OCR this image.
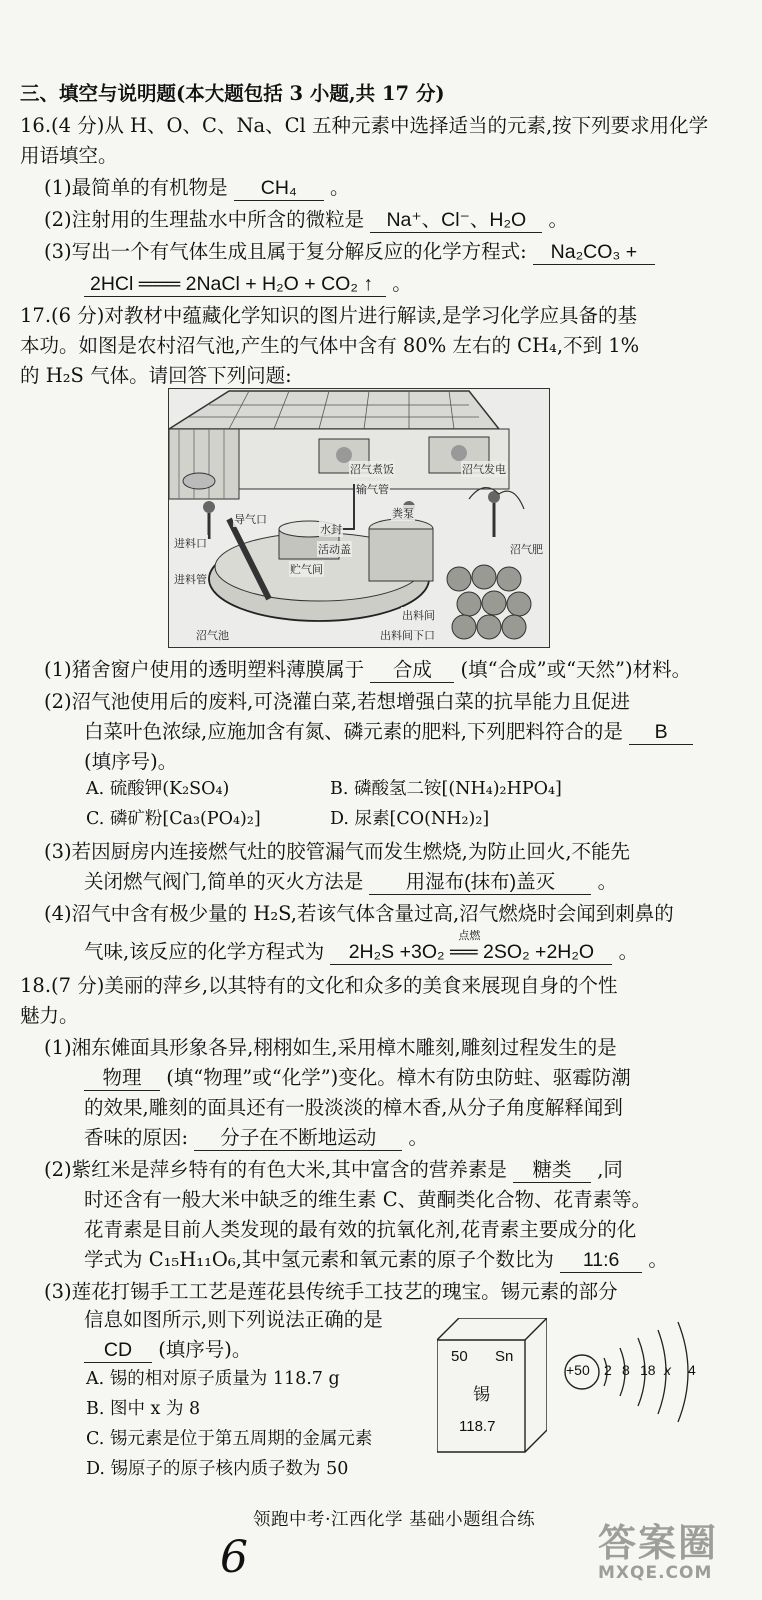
三、填空与说明题(本大题包括 3 小题,共 17 分)
16.(4 分)从 H、O、C、Na、Cl 五种元素中选择适当的元素,按下列要求用化学
用语填空。
(1)最简单的有机物是 CH₄ 。
(2)注射用的生理盐水中所含的微粒是 Na⁺、Cl⁻、H₂O 。
(3)写出一个有气体生成且属于复分解反应的化学方程式: Na₂CO₃ +
2HCl ═══ 2NaCl + H₂O + CO₂ ↑ 。
17.(6 分)对教材中蕴藏化学知识的图片进行解读,是学习化学应具备的基
本功。如图是农村沼气池,产生的气体中含有 80% 左右的 CH₄,不到 1%
的 H₂S 气体。请回答下列问题:
沼气煮饭	沼气发电
输气管
导气口
水封
粪泵
进料口	活动盖	沼气肥
贮气间
进料管
出料间
沼气池	出料间下口
(1)猪舍窗户使用的透明塑料薄膜属于 合成 (填“合成”或“天然”)材料。
(2)沼气池使用后的废料,可浇灌白菜,若想增强白菜的抗旱能力且促进
白菜叶色浓绿,应施加含有氮、磷元素的肥料,下列肥料符合的是 B
(填序号)。
A. 硫酸钾(K₂SO₄)	B. 磷酸氢二铵[(NH₄)₂HPO₄]
C. 磷矿粉[Ca₃(PO₄)₂]	D. 尿素[CO(NH₂)₂]
(3)若因厨房内连接燃气灶的胶管漏气而发生燃烧,为防止回火,不能先
关闭燃气阀门,简单的灭火方法是 用湿布(抹布)盖灭 。
(4)沼气中含有极少量的 H₂S,若该气体含量过高,沼气燃烧时会闻到刺鼻的
气味,该反应的化学方程式为
点燃
2H₂S +3O₂ ══ 2SO₂ +2H₂O 。
18.(7 分)美丽的萍乡,以其特有的文化和众多的美食来展现自身的个性
魅力。
(1)湘东傩面具形象各异,栩栩如生,采用樟木雕刻,雕刻过程发生的是
物理 (填“物理”或“化学”)变化。樟木有防虫防蛀、驱霉防潮
的效果,雕刻的面具还有一股淡淡的樟木香,从分子角度解释闻到
香味的原因: 分子在不断地运动 。
(2)紫红米是萍乡特有的有色大米,其中富含的营养素是 糖类 ,同
时还含有一般大米中缺乏的维生素 C、黄酮类化合物、花青素等。
花青素是目前人类发现的最有效的抗氧化剂,花青素主要成分的化
学式为 C₁₅H₁₁O₆,其中氢元素和氧元素的原子个数比为 11:6 。
(3)莲花打锡手工工艺是莲花县传统手工技艺的瑰宝。锡元素的部分
信息如图所示,则下列说法正确的是
CD (填序号)。
A. 锡的相对原子质量为 118.7 g
B. 图中 x 为 8
C. 锡元素是位于第五周期的金属元素
D. 锡原子的原子核内质子数为 50
50 Sn
锡
118.7
+50 2 8 18 x 4
领跑中考·江西化学 基础小题组合练
6	答案圈
MXQE.COM
